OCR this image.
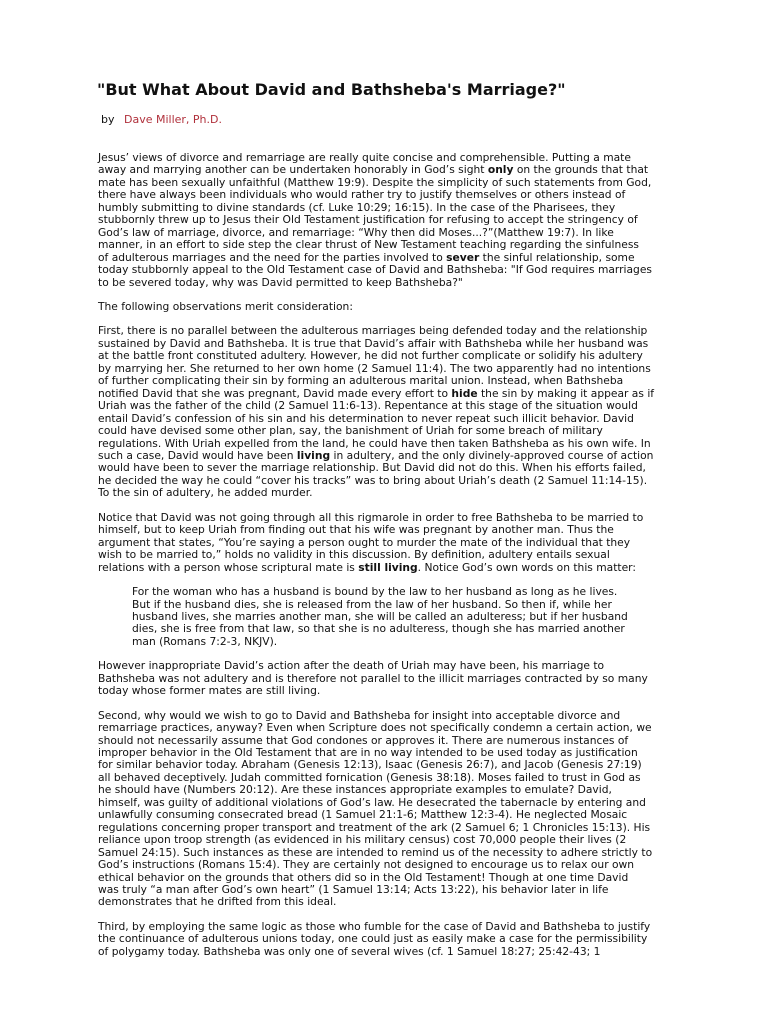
"But What About David and Bathsheba's Marriage?"
by Dave Miller, Ph.D.

Jesus’ views of divorce and remarriage are really quite concise and comprehensible. Putting a mate
away and marrying another can be undertaken honorably in God’s sight only on the grounds that that
mate has been sexually unfaithful (Matthew 19:9). Despite the simplicity of such statements from God,
there have always been individuals who would rather try to justify themselves or others instead of
humbly submitting to divine standards (cf. Luke 10:29; 16:15). In the case of the Pharisees, they
stubbornly threw up to Jesus their Old Testament justification for refusing to accept the stringency of
God’s law of marriage, divorce, and remarriage: “Why then did Moses...?”(Matthew 19:7). In like
manner, in an effort to side step the clear thrust of New Testament teaching regarding the sinfulness
of adulterous marriages and the need for the parties involved to sever the sinful relationship, some
today stubbornly appeal to the Old Testament case of David and Bathsheba: "If God requires marriages
to be severed today, why was David permitted to keep Bathsheba?"

The following observations merit consideration:

First, there is no parallel between the adulterous marriages being defended today and the relationship
sustained by David and Bathsheba. It is true that David’s affair with Bathsheba while her husband was
at the battle front constituted adultery. However, he did not further complicate or solidify his adultery
by marrying her. She returned to her own home (2 Samuel 11:4). The two apparently had no intentions
of further complicating their sin by forming an adulterous marital union. Instead, when Bathsheba
notified David that she was pregnant, David made every effort to hide the sin by making it appear as if
Uriah was the father of the child (2 Samuel 11:6-13). Repentance at this stage of the situation would
entail David’s confession of his sin and his determination to never repeat such illicit behavior. David
could have devised some other plan, say, the banishment of Uriah for some breach of military
regulations. With Uriah expelled from the land, he could have then taken Bathsheba as his own wife. In
such a case, David would have been living in adultery, and the only divinely-approved course of action
would have been to sever the marriage relationship. But David did not do this. When his efforts failed,
he decided the way he could “cover his tracks” was to bring about Uriah’s death (2 Samuel 11:14-15).
To the sin of adultery, he added murder.

Notice that David was not going through all this rigmarole in order to free Bathsheba to be married to
himself, but to keep Uriah from finding out that his wife was pregnant by another man. Thus the
argument that states, “You’re saying a person ought to murder the mate of the individual that they
wish to be married to,” holds no validity in this discussion. By definition, adultery entails sexual
relations with a person whose scriptural mate is still living. Notice God’s own words on this matter:

For the woman who has a husband is bound by the law to her husband as long as he lives.
But if the husband dies, she is released from the law of her husband. So then if, while her
husband lives, she marries another man, she will be called an adulteress; but if her husband
dies, she is free from that law, so that she is no adulteress, though she has married another
man (Romans 7:2-3, NKJV).

However inappropriate David’s action after the death of Uriah may have been, his marriage to
Bathsheba was not adultery and is therefore not parallel to the illicit marriages contracted by so many
today whose former mates are still living.

Second, why would we wish to go to David and Bathsheba for insight into acceptable divorce and
remarriage practices, anyway? Even when Scripture does not specifically condemn a certain action, we
should not necessarily assume that God condones or approves it. There are numerous instances of
improper behavior in the Old Testament that are in no way intended to be used today as justification
for similar behavior today. Abraham (Genesis 12:13), Isaac (Genesis 26:7), and Jacob (Genesis 27:19)
all behaved deceptively. Judah committed fornication (Genesis 38:18). Moses failed to trust in God as
he should have (Numbers 20:12). Are these instances appropriate examples to emulate? David,
himself, was guilty of additional violations of God’s law. He desecrated the tabernacle by entering and
unlawfully consuming consecrated bread (1 Samuel 21:1-6; Matthew 12:3-4). He neglected Mosaic
regulations concerning proper transport and treatment of the ark (2 Samuel 6; 1 Chronicles 15:13). His
reliance upon troop strength (as evidenced in his military census) cost 70,000 people their lives (2
Samuel 24:15). Such instances as these are intended to remind us of the necessity to adhere strictly to
God’s instructions (Romans 15:4). They are certainly not designed to encourage us to relax our own
ethical behavior on the grounds that others did so in the Old Testament! Though at one time David
was truly “a man after God’s own heart” (1 Samuel 13:14; Acts 13:22), his behavior later in life
demonstrates that he drifted from this ideal.

Third, by employing the same logic as those who fumble for the case of David and Bathsheba to justify
the continuance of adulterous unions today, one could just as easily make a case for the permissibility
of polygamy today. Bathsheba was only one of several wives (cf. 1 Samuel 18:27; 25:42-43; 1
